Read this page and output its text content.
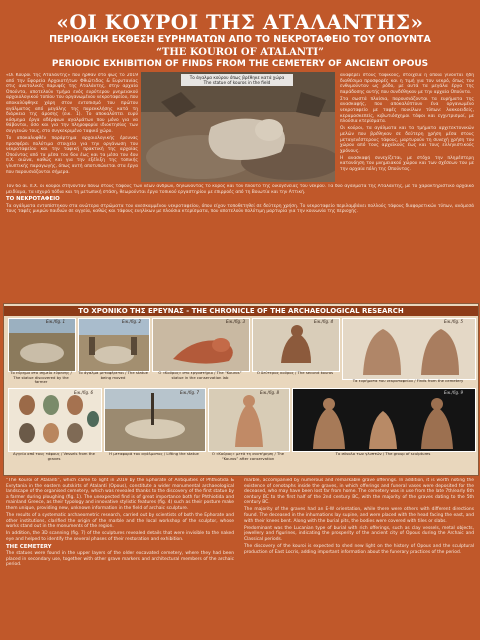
«ΟΙ ΚΟΥΡΟΙ ΤΗΣ ΑΤΑΛΑΝΤΗΣ»
ΠΕΡΙΟΔΙΚΗ ΕΚΘΕΣΗ ΕΥΡΗΜΑΤΩΝ ΑΠΟ ΤΟ ΝΕΚΡΟΤΑΦΕΙΟ ΤΟΥ ΟΠΟΥΝΤΑ
“THE KOUROI OF ATALANTI”
PERIODIC EXHIBITION OF FINDS FROM THE CEMETERY OF ANCIENT OPOUS

«Οι Κούροι της Αταλάντης» που ήρθαν στο φως το 2019 από την Εφορεία Αρχαιοτήτων Φθιώτιδας & Ευρυτανίας στις ανατολικές παρυφές της Αταλάντης, στην αρχαία Οπούντα, αποτελούν τμήμα ενός ευρύτερου μνημειακού αρχαιολογικού τοπίου του οργανωμένου νεκροταφείου, που αποκαλύφθηκε χάρη στον εντοπισμό του πρώτου αγάλματος από μεγάλης της παρεκκλήσης κατά τη διάρκεια της άροσης (εικ. 1). Το αποκαλύπτει ευρύ κόσμημα έργα αδέρφιων αγαλμάτων που μόνο για να θάβονται, όσο και για την πληροφορία ιδιοκτησίας των συγγενών τους, στο συγκεκριμένο ταφικό χώρο.

Το αποκαλυφθέν παράρτημα αρχαιολογικής έρευνας προσφέρει πολύτιμα στοιχεία για την οργάνωση του νεκροταφείου και την ταφική πρακτική της αρχαίας Οπούντας από τα μέσα του 6ου έως και τα μέσα του 4ου π.Χ. αιώνα, καθώς και για την εξέλιξη της τοπικής γλυπτικής παραγωγής, όπως αυτή αποτυπώνεται στα έργα που παρουσιάζονται σήμερα.

Το άγαλμα κούρου όπως βρέθηκε κατά χώρα
The statue of kouros in the field

αναφέρει στους ταφικούς, στοιχεία η οποία γίνονται ήδη διαθέσιμα προσφορές και η τιμή για τον νεκρό, όπως τον ενθυμούνταν ως ρόδο, με αυτά τα μεγάλα έργα της παράδοσης αυτής που συνδέθηκαν με την αρχαία Οπούντα.

Στα σωστά πλαίσια, παρουσιάζονται τα ευρήματα της ανασκαφής, που αποκαλύπτουν ένα οργανωμένο νεκροταφείο με ταφές ποικίλων τύπων: λακκοειδείς, κεραμοσκεπείς, κιβωτιόσχημοι τάφοι και εγχυτρισμοί, με πλούσια κτερίσματα.

Οι κούροι, τα αγάλματα και τα τμήματα αρχιτεκτονικών μελών που βρέθηκαν σε δεύτερη χρήση μέσα στους μεταγενέστερους τάφους, μαρτυρούν τη συνεχή χρήση του χώρου από τους αρχαϊκούς έως και τους ελληνιστικούς χρόνους.

Η ανασκαφή συνεχίζεται, με στόχο την πληρέστερη κατανόηση του μνημειακού χώρου και των σχέσεων του με την αρχαία πόλη της Οπούντας.

Τον 6ο αι. π.Χ. οι κούροι στήνονταν πάνω στους τάφους των νέων ανδρών, δηλώνοντας το κύρος και τον πλούτο της οικογένειας του νεκρού. Τα δύο αγάλματα της Αταλάντης, με το χαρακτηριστικό αρχαϊκό μειδίαμα, τα ισχυρά πόδια και τη μετωπική στάση, θεωρούνται έργα τοπικού εργαστηρίου με επιρροές από τη Βοιωτία και την Αττική.

ΤΟ ΝΕΚΡΟΤΑΦΕΙΟ

Τα αγάλματα εντοπίστηκαν στα ανώτερα στρώματα του ανεσκαμμένου νεκροταφείου, όπου είχαν τοποθετηθεί σε δεύτερη χρήση. Το νεκροταφείο περιλαμβάνει πολλούς τάφους διαφορετικών τύπων, ανάμεσά τους ταφές μικρών παιδιών σε αγγεία, καθώς και τάφους ενηλίκων με πλούσια κτερίσματα, που αποτελούν πολύτιμη μαρτυρία για την κοινωνία της περιοχής.

ΤΟ ΧΡΟΝΙΚΟ ΤΗΣ ΕΡΕΥΝΑΣ - THE CHRONICLE OF THE ARCHAEOLOGICAL RESEARCH
Εικ./fig. 1
Το εύρημα στο σημείο εύρεσης / The statue discovered by the farmer
Εικ./fig. 2
Το άγαλμα μεταφέρεται / The statue being moved
Εικ./fig. 3
Ο «Κούρος» στο εργαστήριο / The “Kouros” statue in the conservation lab
Εικ./fig. 4
Ο δεύτερος κούρος / The second kouros
Εικ./fig. 5
Τα ευρήματα του νεκροταφείου / Finds from the cemetery
Εικ./fig. 6
Αγγεία από τους τάφους / Vessels from the graves
Εικ./fig. 7
Η μεταφορά του αγάλματος / Lifting the statue
Εικ./fig. 8
Ο «Κούρος» μετά τη συντήρηση / The “Kouros” after conservation
Εικ./fig. 9
Το σύνολο των γλυπτών / The group of sculptures

“The Kouroi of Atalanti”, which came to light in 2019 by the Ephorate of Antiquities of Phthiotida & Evrytania in the eastern outskirts of Atalanti (Opous), constitute a wider monumental archaeological landscape of the organised cemetery, which was revealed thanks to the discovery of the first statue by a farmer during ploughing (fig. 1). The unexpected find is of great importance both for Phthiotida and mainland Greece, as their typology and innovative stylistic features (fig. 4) such as their posture make them unique, providing new, unknown information in the field of archaic sculpture.

The results of a systematic archaeometric research, carried out by scientists of both the Ephorate and other institutions, clarified the origin of the marble and the local workshop of the sculptor, whose works stand out in the monuments of the region.

In addition, the 3D scanning (fig. 7) of the sculptures revealed details that were invisible to the naked eye and helped to identify the several phases of their restoration and exhibition.

THE CEMETERY

The statues were found in the upper layers of the older excavated cemetery, where they had been placed in secondary use, together with other grave markers and architectural members of the archaic period.

marble, accompanied by numerous and remarkable grave offerings. In addition, it is worth noting the existence of cenotaphs inside the graves, in which offerings and funeral vases were deposited for the deceased, who may have been lost far from home. The cemetery was in use from the late 7th/early 6th century BC to the first half of the 2nd century BC, with the majority of the graves dating to the 5th century BC.

The majority of the graves had an E-W orientation, while there were others with different directions found. The deceased in the inhumations lay supine, and were placed with the head facing the east, and with their knees bent. Along with the burial pits, the bodies were covered with tiles or slabs.

Predominant was the Lucanian type of burial with rich offerings, such as clay vessels, metal objects, jewellery and figurines, indicating the prosperity of the ancient city of Opous during the Archaic and Classical periods.

The discovery of the kouroi is expected to shed new light on the history of Opous and the sculptural production of East Locris, adding important information about the funerary practices of the period.
